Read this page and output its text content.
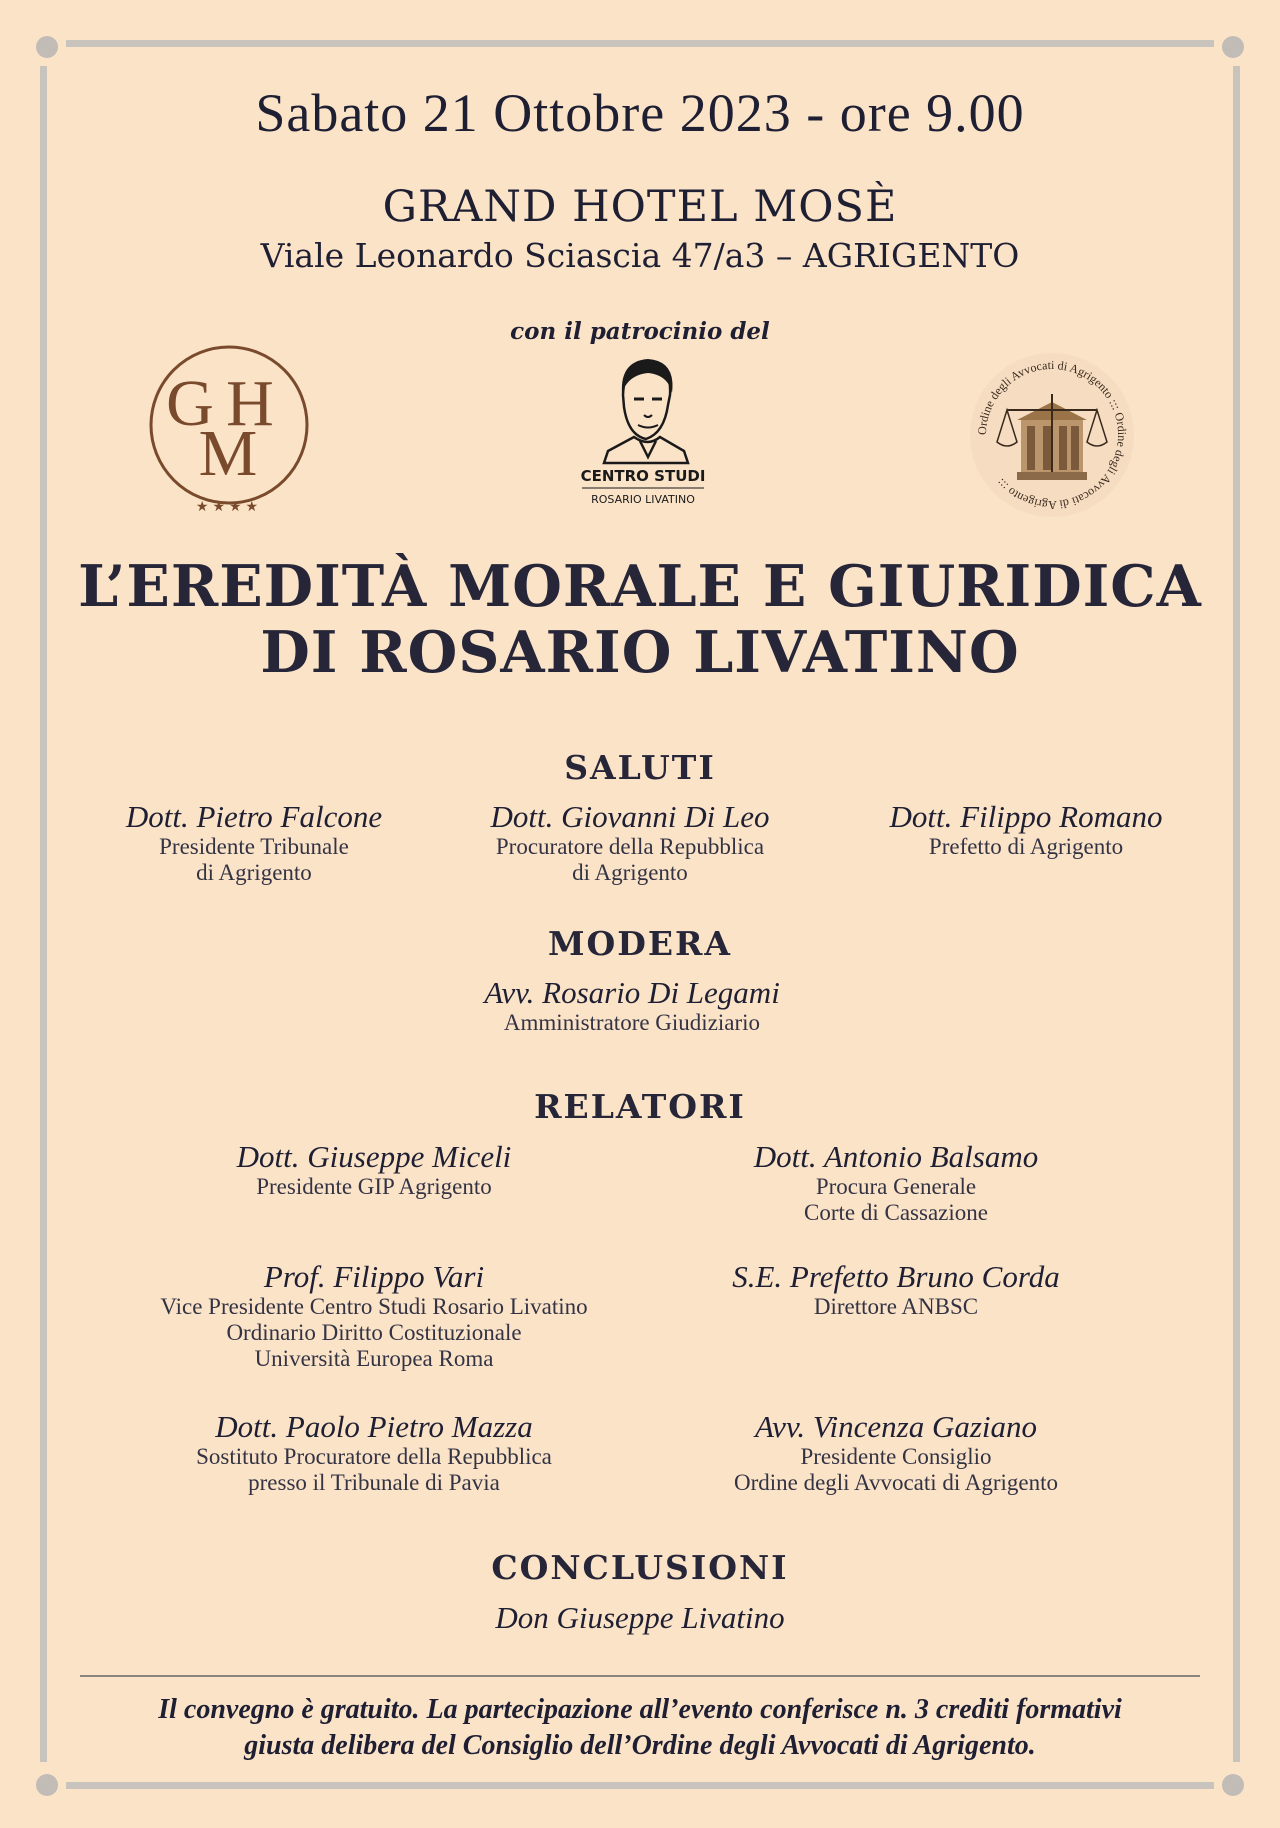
Sabato 21 Ottobre 2023 - ore 9.00
GRAND HOTEL MOSÈ
Viale Leonardo Sciascia 47/a3 – AGRIGENTO
con il patrocinio del
G H
M
★★★★
CENTRO STUDI
ROSARIO LIVATINO
Ordine degli Avvocati di Agrigento ::: Ordine degli Avvocati di Agrigento :::
L’EREDITÀ MORALE E GIURIDICA
DI ROSARIO LIVATINO
SALUTI
Dott. Pietro Falcone
Presidente Tribunale
di Agrigento
Dott. Giovanni Di Leo
Procuratore della Repubblica
di Agrigento
Dott. Filippo Romano
Prefetto di Agrigento
MODERA
Avv. Rosario Di Legami
Amministratore Giudiziario
RELATORI
Dott. Giuseppe Miceli
Presidente GIP Agrigento
Dott. Antonio Balsamo
Procura Generale
Corte di Cassazione
Prof. Filippo Vari
Vice Presidente Centro Studi Rosario Livatino
Ordinario Diritto Costituzionale
Università Europea Roma
S.E. Prefetto Bruno Corda
Direttore ANBSC
Dott. Paolo Pietro Mazza
Sostituto Procuratore della Repubblica
presso il Tribunale di Pavia
Avv. Vincenza Gaziano
Presidente Consiglio
Ordine degli Avvocati di Agrigento
CONCLUSIONI
Don Giuseppe Livatino
Il convegno è gratuito. La partecipazione all’evento conferisce n. 3 crediti formativi
giusta delibera del Consiglio dell’Ordine degli Avvocati di Agrigento.
